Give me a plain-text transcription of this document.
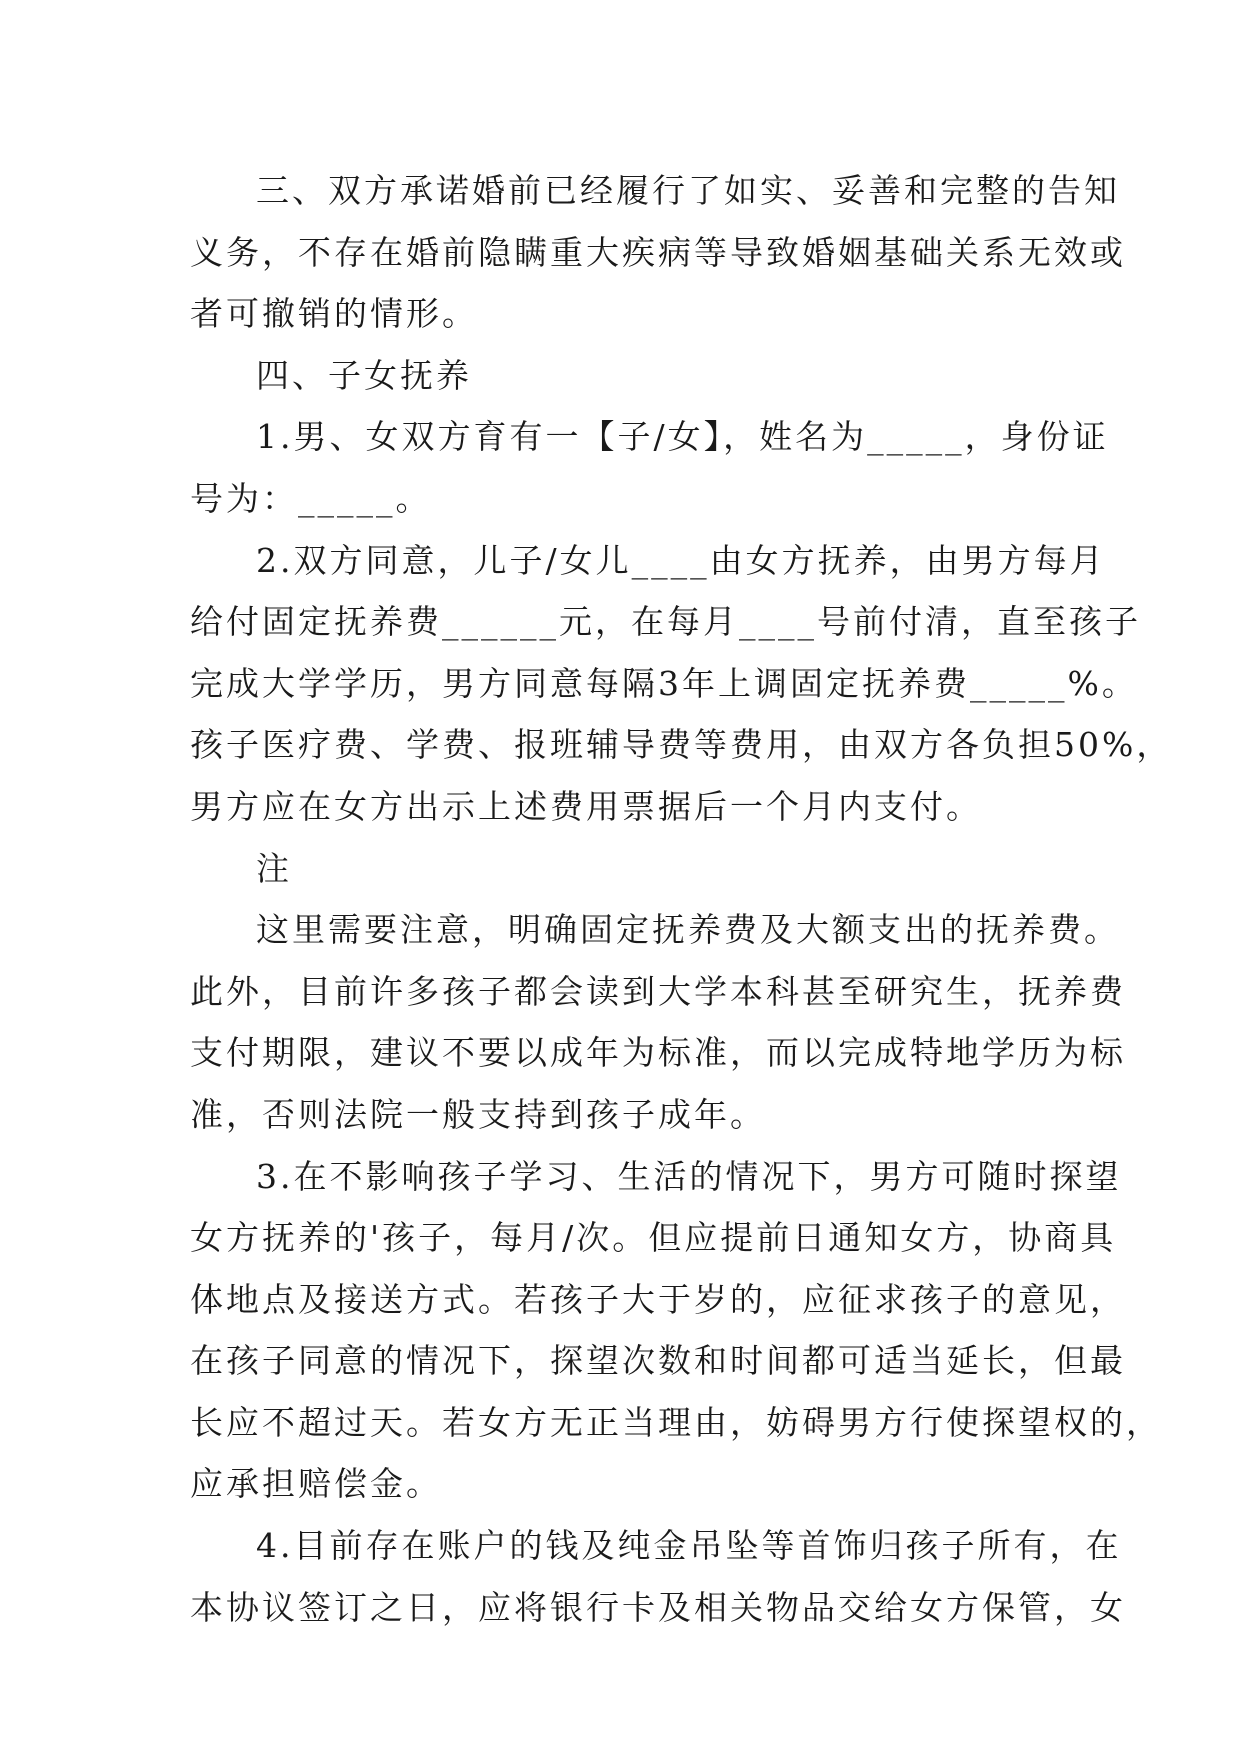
三、双方承诺婚前已经履行了如实、妥善和完整的告知
义务，不存在婚前隐瞒重大疾病等导致婚姻基础关系无效或
者可撤销的情形。
四、子女抚养
1.男、女双方育有一【子/女】，姓名为_____，身份证
号为：_____。
2.双方同意，儿子/女儿____由女方抚养，由男方每月
给付固定抚养费______元，在每月____号前付清，直至孩子
完成大学学历，男方同意每隔3年上调固定抚养费_____%。
孩子医疗费、学费、报班辅导费等费用，由双方各负担50%，
男方应在女方出示上述费用票据后一个月内支付。
注
这里需要注意，明确固定抚养费及大额支出的抚养费。
此外，目前许多孩子都会读到大学本科甚至研究生，抚养费
支付期限，建议不要以成年为标准，而以完成特地学历为标
准，否则法院一般支持到孩子成年。
3.在不影响孩子学习、生活的情况下，男方可随时探望
女方抚养的'孩子，每月/次。但应提前日通知女方，协商具
体地点及接送方式。若孩子大于岁的，应征求孩子的意见，
在孩子同意的情况下，探望次数和时间都可适当延长，但最
长应不超过天。若女方无正当理由，妨碍男方行使探望权的，
应承担赔偿金。
4.目前存在账户的钱及纯金吊坠等首饰归孩子所有，在
本协议签订之日，应将银行卡及相关物品交给女方保管，女
